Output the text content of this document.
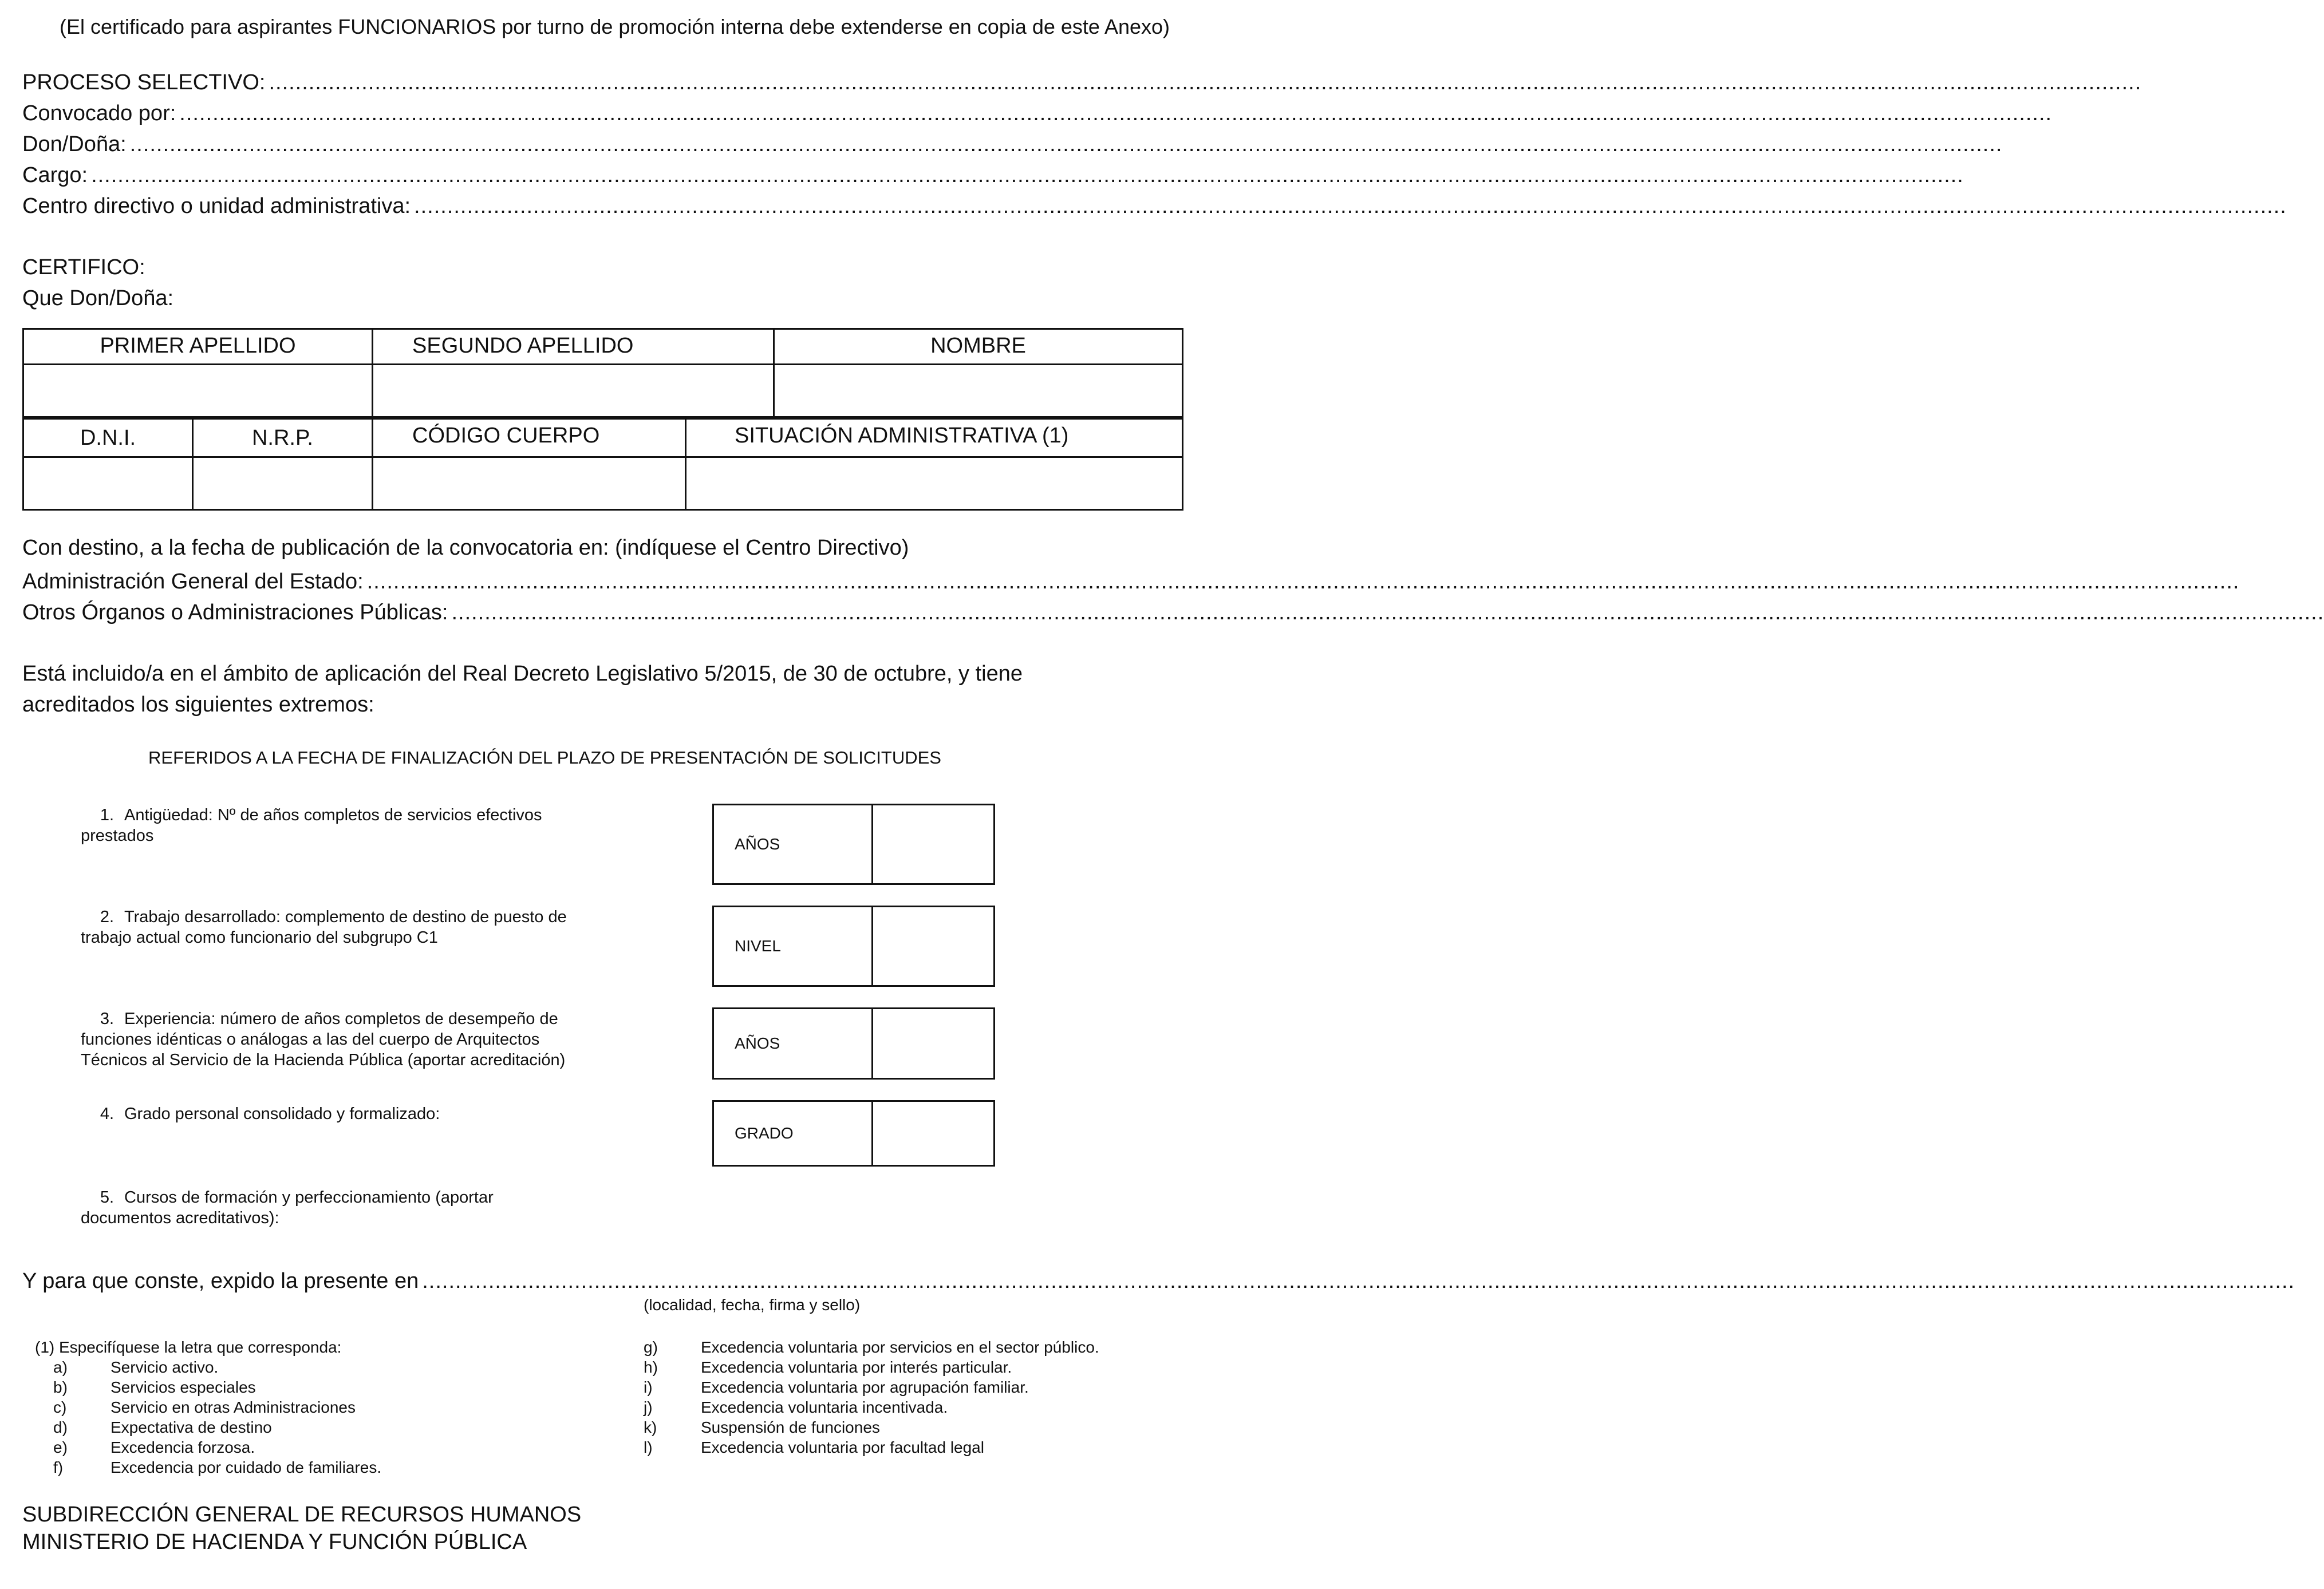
(El certificado para aspirantes FUNCIONARIOS por turno de promoción interna debe extenderse en copia de este Anexo)
PROCESO SELECTIVO: ...........................................................................................................................................................................................................................................................................................
Convocado por: ...........................................................................................................................................................................................................................................................................................
Don/Doña: ...........................................................................................................................................................................................................................................................................................
Cargo: ...........................................................................................................................................................................................................................................................................................
Centro directivo o unidad administrativa: ...........................................................................................................................................................................................................................................................................................
CERTIFICO:
Que Don/Doña:
PRIMER APELLIDO	SEGUNDO APELLIDO	NOMBRE

D.N.I.	N.R.P.	CÓDIGO CUERPO	SITUACIÓN ADMINISTRATIVA (1)

Con destino, a la fecha de publicación de la convocatoria en: (indíquese el Centro Directivo)
Administración General del Estado: ...........................................................................................................................................................................................................................................................................................
Otros Órganos o Administraciones Públicas: ...........................................................................................................................................................................................................................................................................................
Está incluido/a en el ámbito de aplicación del Real Decreto Legislativo 5/2015, de 30 de octubre, y tiene
acreditados los siguientes extremos:
REFERIDOS A LA FECHA DE FINALIZACIÓN DEL PLAZO DE PRESENTACIÓN DE SOLICITUDES
1. Antigüedad: Nº de años completos de servicios efectivos
prestados	AÑOS
2. Trabajo desarrollado: complemento de destino de puesto de
trabajo actual como funcionario del subgrupo C1	NIVEL
3. Experiencia: número de años completos de desempeño de
funciones idénticas o análogas a las del cuerpo de Arquitectos
Técnicos al Servicio de la Hacienda Pública (aportar acreditación)
AÑOS
4. Grado personal consolidado y formalizado:
GRADO
5. Cursos de formación y perfeccionamiento (aportar
documentos acreditativos):
Y para que conste, expido la presente en ...........................................................................................................................................................................................................................................................................................
(localidad, fecha, firma y sello)
(1) Especifíquese la letra que corresponda:
a)	Servicio activo.
b)	Servicios especiales
c)	Servicio en otras Administraciones
d)	Expectativa de destino
e)	Excedencia forzosa.
f)	Excedencia por cuidado de familiares.
g)	Excedencia voluntaria por servicios en el sector público.
h)	Excedencia voluntaria por interés particular.
i)	Excedencia voluntaria por agrupación familiar.
j)	Excedencia voluntaria incentivada.
k)	Suspensión de funciones
l)	Excedencia voluntaria por facultad legal
SUBDIRECCIÓN GENERAL DE RECURSOS HUMANOS
MINISTERIO DE HACIENDA Y FUNCIÓN PÚBLICA
